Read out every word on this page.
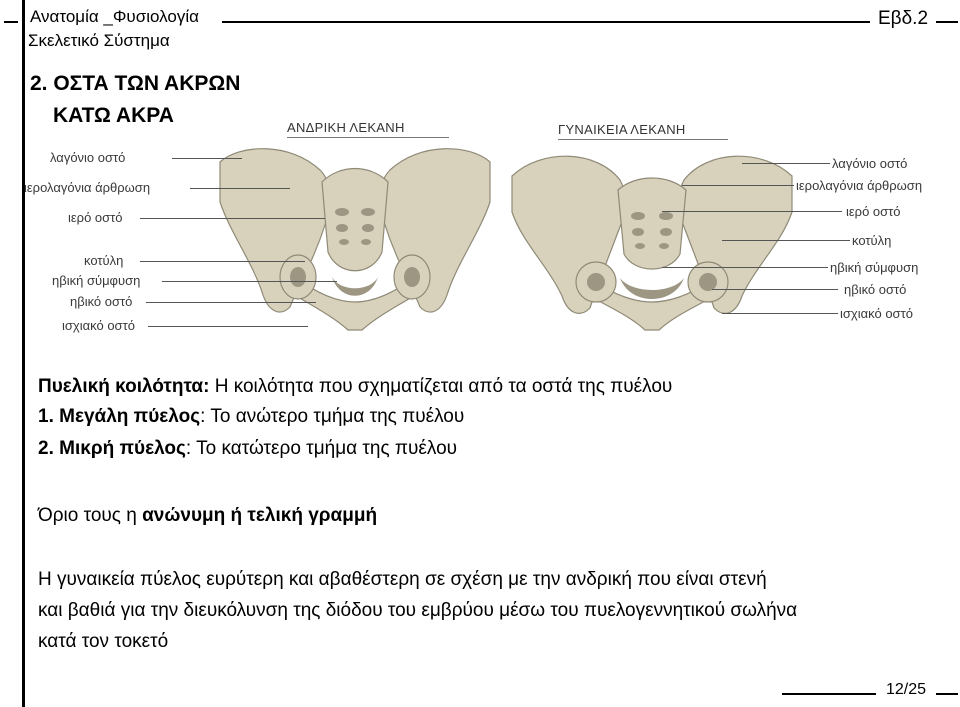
Ανατομία _Φυσιολογία
Σκελετικό Σύστημα
Εβδ.2
2. ΟΣΤΑ ΤΩΝ ΑΚΡΩΝ
ΚΑΤΩ ΑΚΡΑ
ΑΝΔΡΙΚΗ ΛΕΚΑΝΗ	ΓΥΝΑΙΚΕΙΑ ΛΕΚΑΝΗ
λαγόνιο οστό
ιερολαγόνια άρθρωση
ιερό οστό
κοτύλη
ηβική σύμφυση
ηβικό οστό
ισχιακό οστό
λαγόνιο οστό
ιερολαγόνια άρθρωση
ιερό οστό
κοτύλη
ηβική σύμφυση
ηβικό οστό
ισχιακό οστό
Πυελική κοιλότητα: Η κοιλότητα που σχηματίζεται από τα οστά της πυέλου
1. Μεγάλη πύελος: Το ανώτερο τμήμα της πυέλου
2. Μικρή πύελος: Το κατώτερο τμήμα της πυέλου
Όριο τους η ανώνυμη ή τελική γραμμή
Η γυναικεία πύελος ευρύτερη και αβαθέστερη σε σχέση με την ανδρική που είναι στενή
και βαθιά για την διευκόλυνση της διόδου του εμβρύου μέσω του πυελογεννητικού σωλήνα
κατά τον τοκετό
12/25
